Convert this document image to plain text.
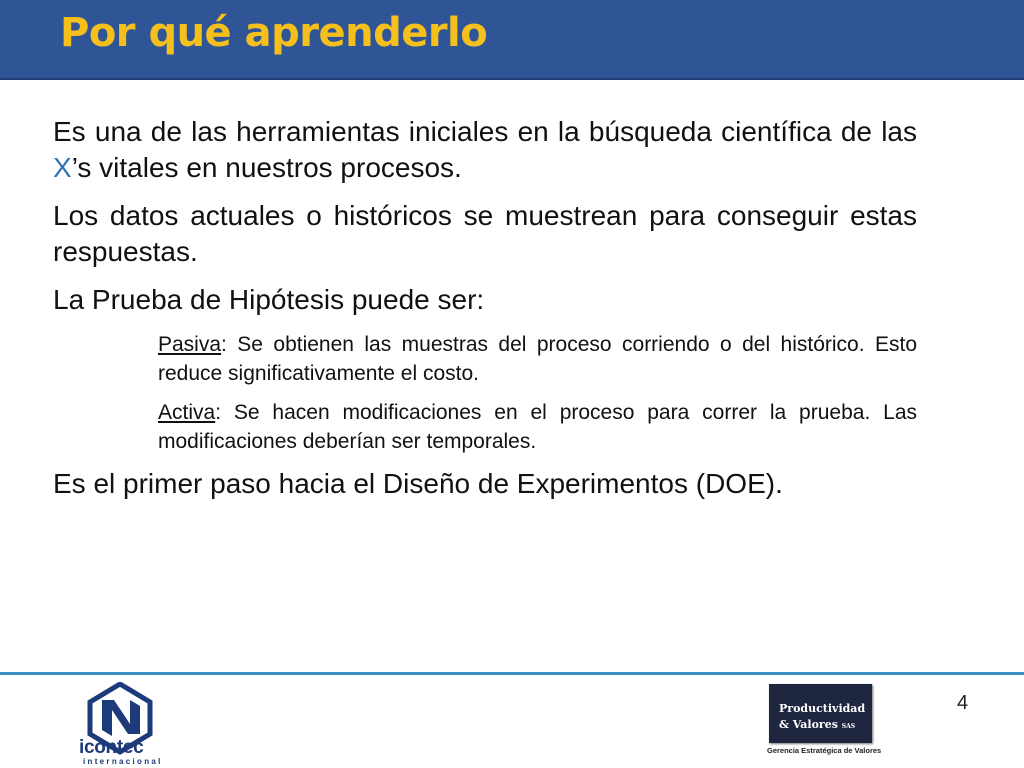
Por qué aprenderlo

Es una de las herramientas iniciales en la búsqueda científica de las X’s vitales en nuestros procesos.

Los datos actuales o históricos se muestrean para conseguir estas respuestas.

La Prueba de Hipótesis puede ser:

Pasiva: Se obtienen las muestras del proceso corriendo o del histórico. Esto reduce significativamente el costo.

Activa: Se hacen modificaciones en el proceso para correr la prueba. Las modificaciones deberían ser temporales.

Es el primer paso hacia el Diseño de Experimentos (DOE).

icontec
internacional
Productividad
& Valores SAS
Gerencia Estratégica de Valores
4
